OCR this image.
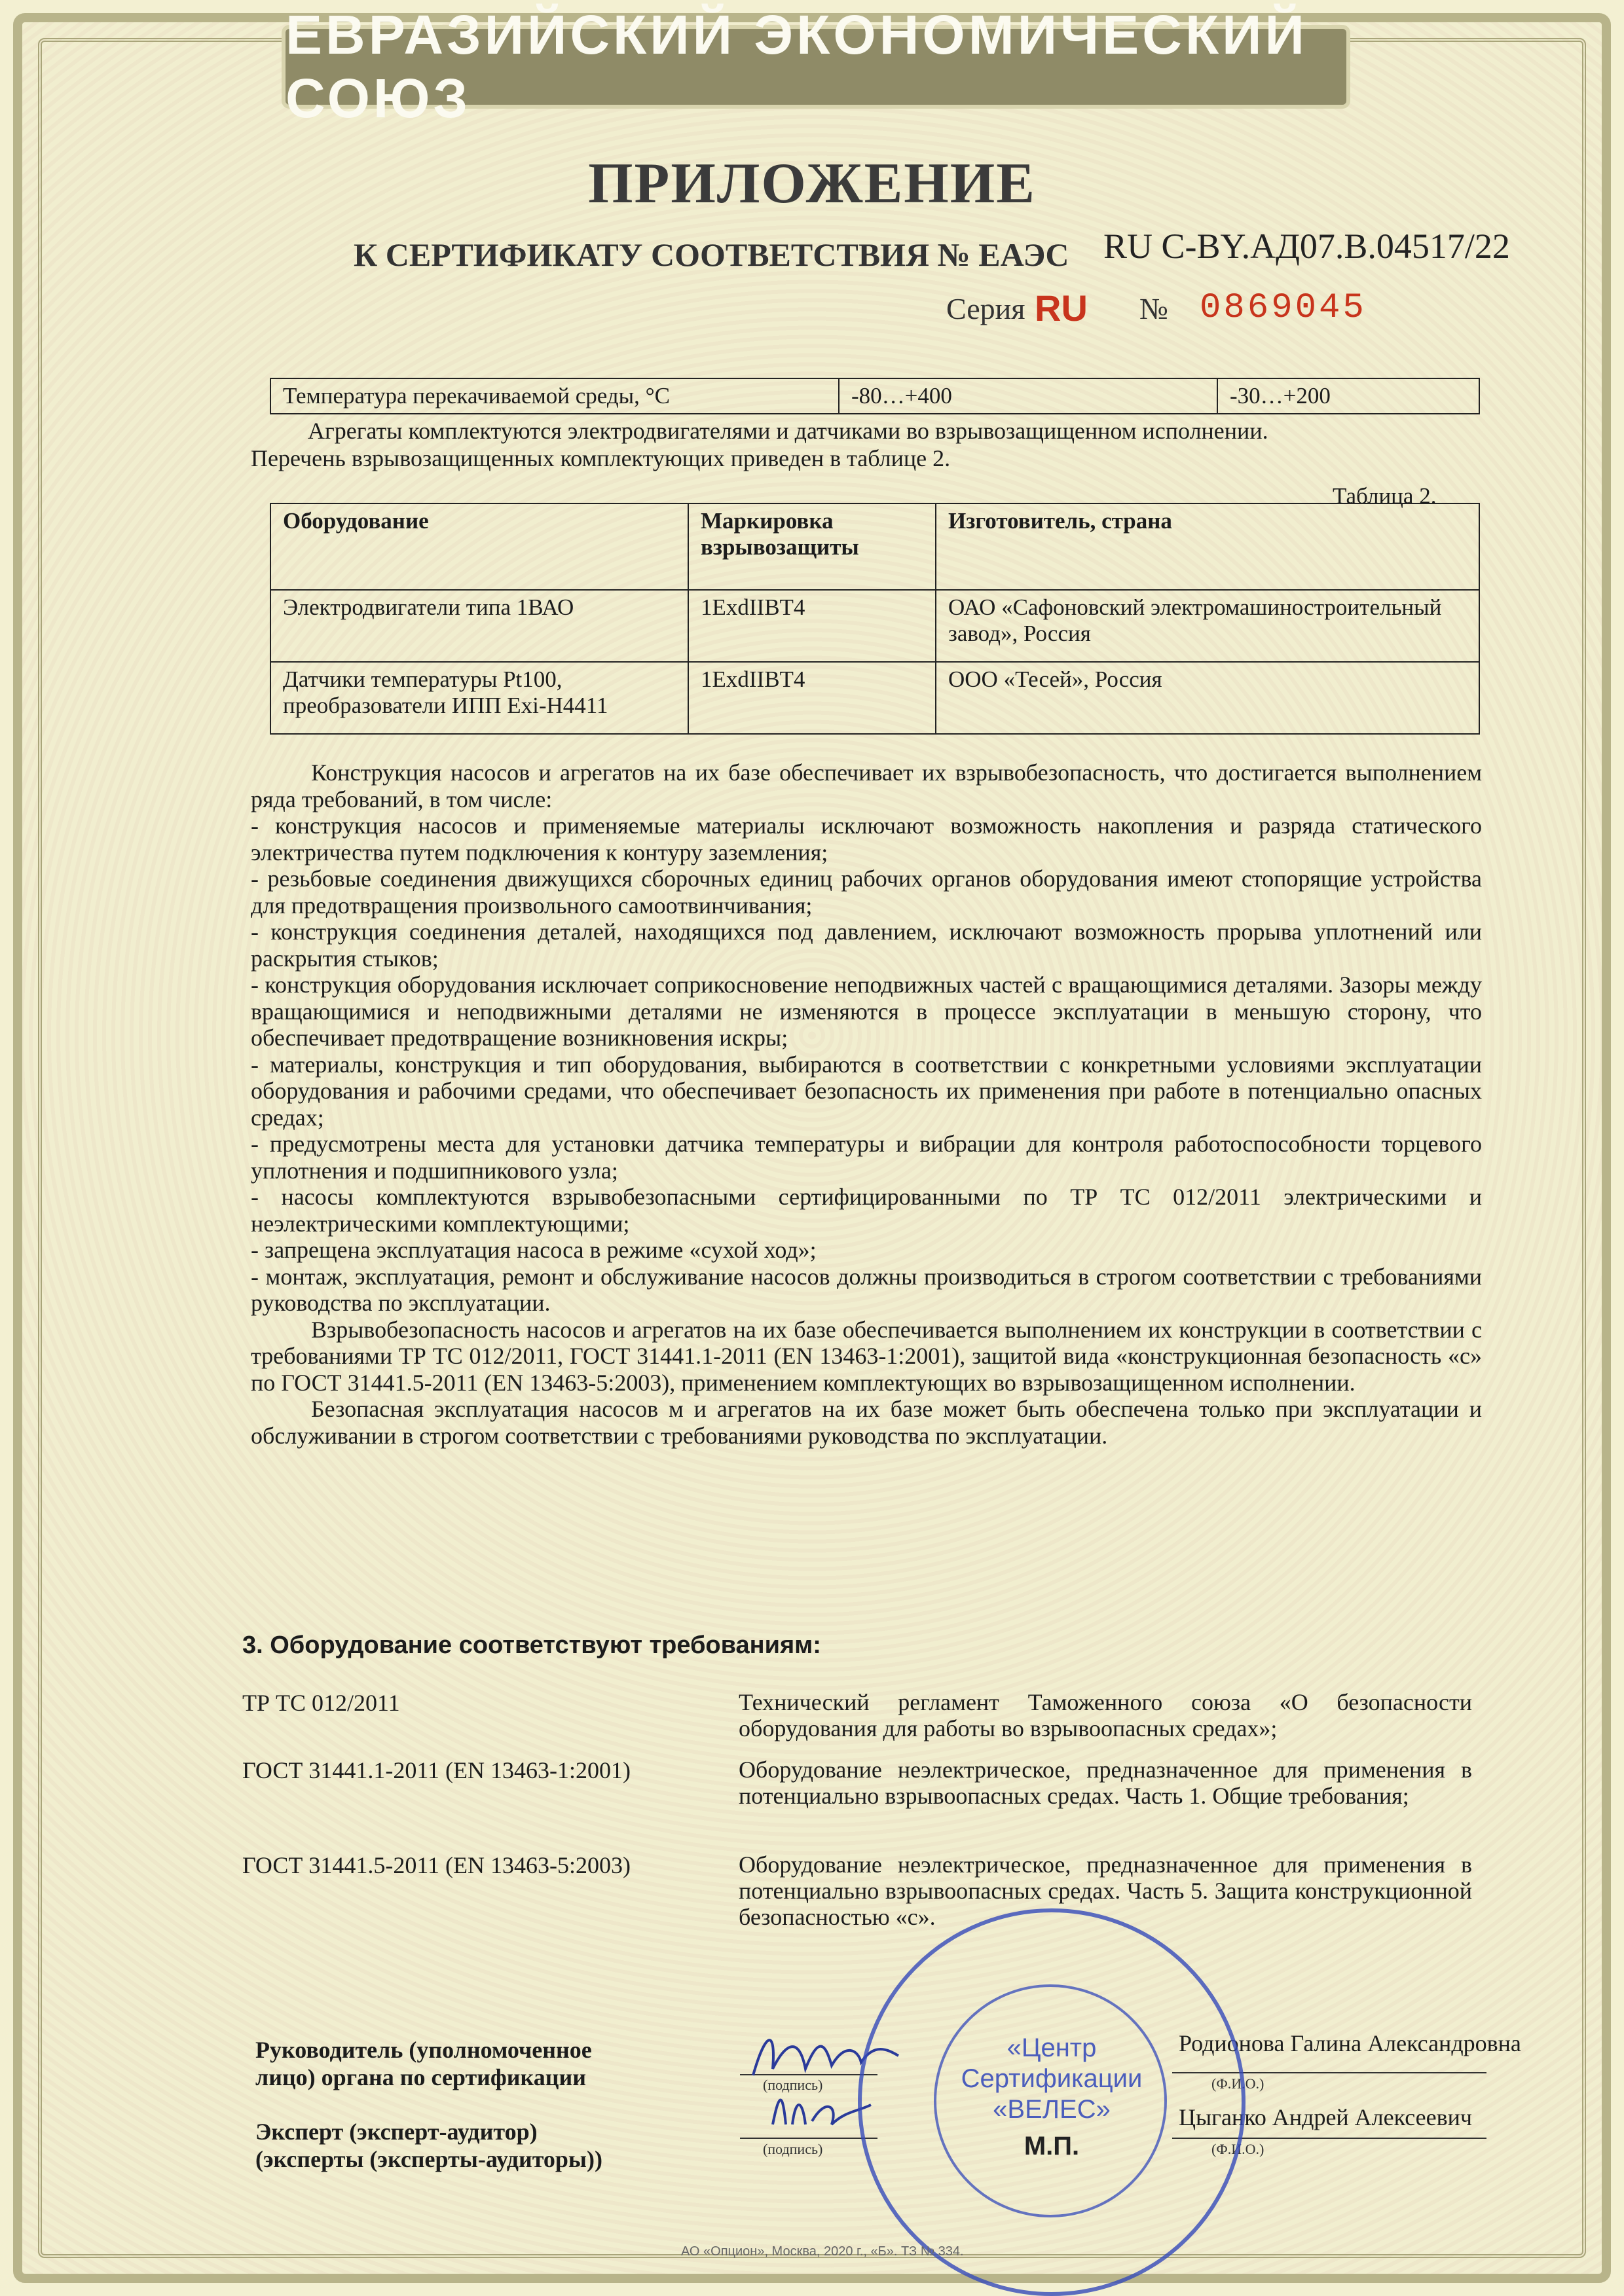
ЕВРАЗИЙСКИЙ ЭКОНОМИЧЕСКИЙ СОЮЗ
ПРИЛОЖЕНИЕ
К СЕРТИФИКАТУ СООТВЕТСТВИЯ № ЕАЭС RU C-BY.АД07.В.04517/22
Серия RU № 0869045
Температура перекачиваемой среды, °С	-80…+400	-30…+200
Агрегаты комплектуются электродвигателями и датчиками во взрывозащищенном исполнении.
Перечень взрывозащищенных комплектующих приведен в таблице 2.
Таблица 2.
Оборудование	Маркировка взрывозащиты	Изготовитель, страна
Электродвигатели типа 1ВАО	1ExdIIBT4	ОАО «Сафоновский электромашиностроительный завод», Россия
Датчики температуры Pt100, преобразователи ИПП Exi-H4411	1ExdIIBT4	ООО «Тесей», Россия

Конструкция насосов и агрегатов на их базе обеспечивает их взрывобезопасность, что достигается выполнением ряда требований, в том числе:

- конструкция насосов и применяемые материалы исключают возможность накопления и разряда статического электричества путем подключения к контуру заземления;

- резьбовые соединения движущихся сборочных единиц рабочих органов оборудования имеют стопорящие устройства для предотвращения произвольного самоотвинчивания;

- конструкция соединения деталей, находящихся под давлением, исключают возможность прорыва уплотнений или раскрытия стыков;

- конструкция оборудования исключает соприкосновение неподвижных частей с вращающимися деталями. Зазоры между вращающимися и неподвижными деталями не изменяются в процессе эксплуатации в меньшую сторону, что обеспечивает предотвращение возникновения искры;

- материалы, конструкция и тип оборудования, выбираются в соответствии с конкретными условиями эксплуатации оборудования и рабочими средами, что обеспечивает безопасность их применения при работе в потенциально опасных средах;

- предусмотрены места для установки датчика температуры и вибрации для контроля работоспособности торцевого уплотнения и подшипникового узла;

- насосы комплектуются взрывобезопасными сертифицированными по ТР ТС 012/2011 электрическими и неэлектрическими комплектующими;

- запрещена эксплуатация насоса в режиме «сухой ход»;

- монтаж, эксплуатация, ремонт и обслуживание насосов должны производиться в строгом соответствии с требованиями руководства по эксплуатации.

Взрывобезопасность насосов и агрегатов на их базе обеспечивается выполнением их конструкции в соответствии с требованиями ТР ТС 012/2011, ГОСТ 31441.1-2011 (EN 13463-1:2001), защитой вида «конструкционная безопасность «с» по ГОСТ 31441.5-2011 (EN 13463-5:2003), применением комплектующих во взрывозащищенном исполнении.

Безопасная эксплуатация насосов м и агрегатов на их базе может быть обеспечена только при эксплуатации и обслуживании в строгом соответствии с требованиями руководства по эксплуатации.

3. Оборудование соответствуют требованиям:
ТР ТС 012/2011	Технический регламент Таможенного союза «О безопасности оборудования для работы во взрывоопасных средах»;
ГОСТ 31441.1-2011 (EN 13463-1:2001)	Оборудование неэлектрическое, предназначенное для применения в потенциально взрывоопасных средах. Часть 1. Общие требования;
ГОСТ 31441.5-2011 (EN 13463-5:2003)	Оборудование неэлектрическое, предназначенное для применения в потенциально взрывоопасных средах. Часть 5. Защита конструкционной безопасностью «с».
Руководитель (уполномоченное
лицо) органа по сертификации	(подпись)
Родионова Галина Александровна
(Ф.И.О.)
Эксперт (эксперт-аудитор)
(эксперты (эксперты-аудиторы))	(подпись)
Цыганко Андрей Алексеевич
(Ф.И.О.)
«Центр
Сертификации
«ВЕЛЕС»
М.П.
АО «Опцион», Москва, 2020 г., «Б». ТЗ № 334.
